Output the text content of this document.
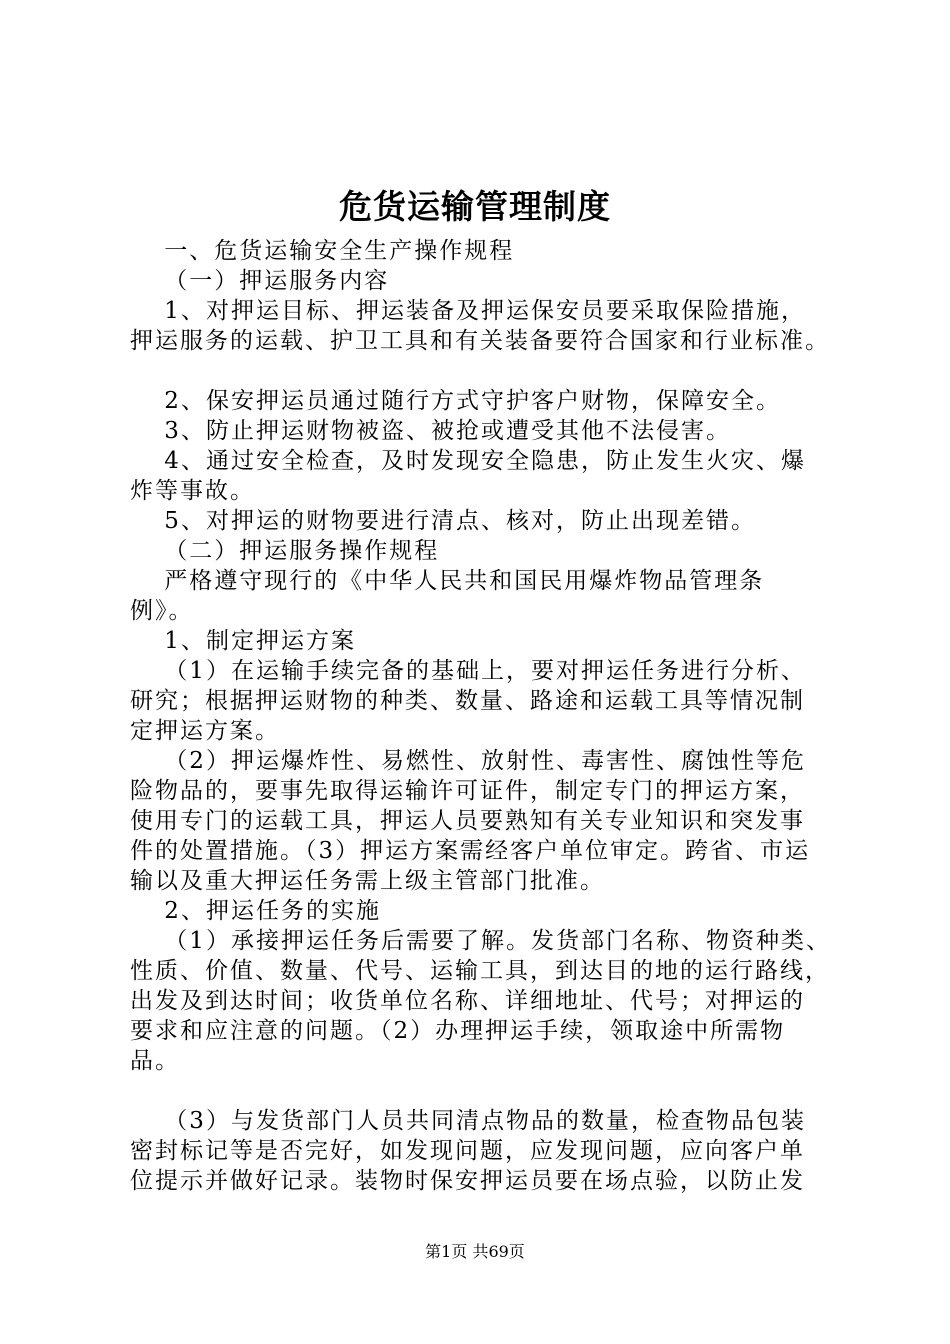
危货运输管理制度
　 一、危货运输安全生产操作规程
　 （一）押运服务内容
　 1、对押运目标、押运装备及押运保安员要采取保险措施，
押运服务的运载、护卫工具和有关装备要符合国家和行业标准。
　 2、保安押运员通过随行方式守护客户财物，保障安全。
　 3、防止押运财物被盗、被抢或遭受其他不法侵害。
　 4、通过安全检查，及时发现安全隐患，防止发生火灾、爆
炸等事故。
　 5、对押运的财物要进行清点、核对，防止出现差错。
　 （二）押运服务操作规程
　 严格遵守现行的《中华人民共和国民用爆炸物品管理条
例》。
　 1、制定押运方案
　 （1）在运输手续完备的基础上，要对押运任务进行分析、
研究；根据押运财物的种类、数量、路途和运载工具等情况制
定押运方案。
　 （2）押运爆炸性、易燃性、放射性、毒害性、腐蚀性等危
险物品的，要事先取得运输许可证件，制定专门的押运方案，
使用专门的运载工具，押运人员要熟知有关专业知识和突发事
件的处置措施。（3）押运方案需经客户单位审定。跨省、市运
输以及重大押运任务需上级主管部门批准。
　 2、押运任务的实施
　 （1）承接押运任务后需要了解。发货部门名称、物资种类、
性质、价值、数量、代号、运输工具，到达目的地的运行路线，
出发及到达时间；收货单位名称、详细地址、代号；对押运的
要求和应注意的问题。（2）办理押运手续，领取途中所需物品。
　 （3）与发货部门人员共同清点物品的数量，检查物品包装
密封标记等是否完好，如发现问题，应发现问题，应向客户单
位提示并做好记录。装物时保安押运员要在场点验，以防止发
第1页 共69页
